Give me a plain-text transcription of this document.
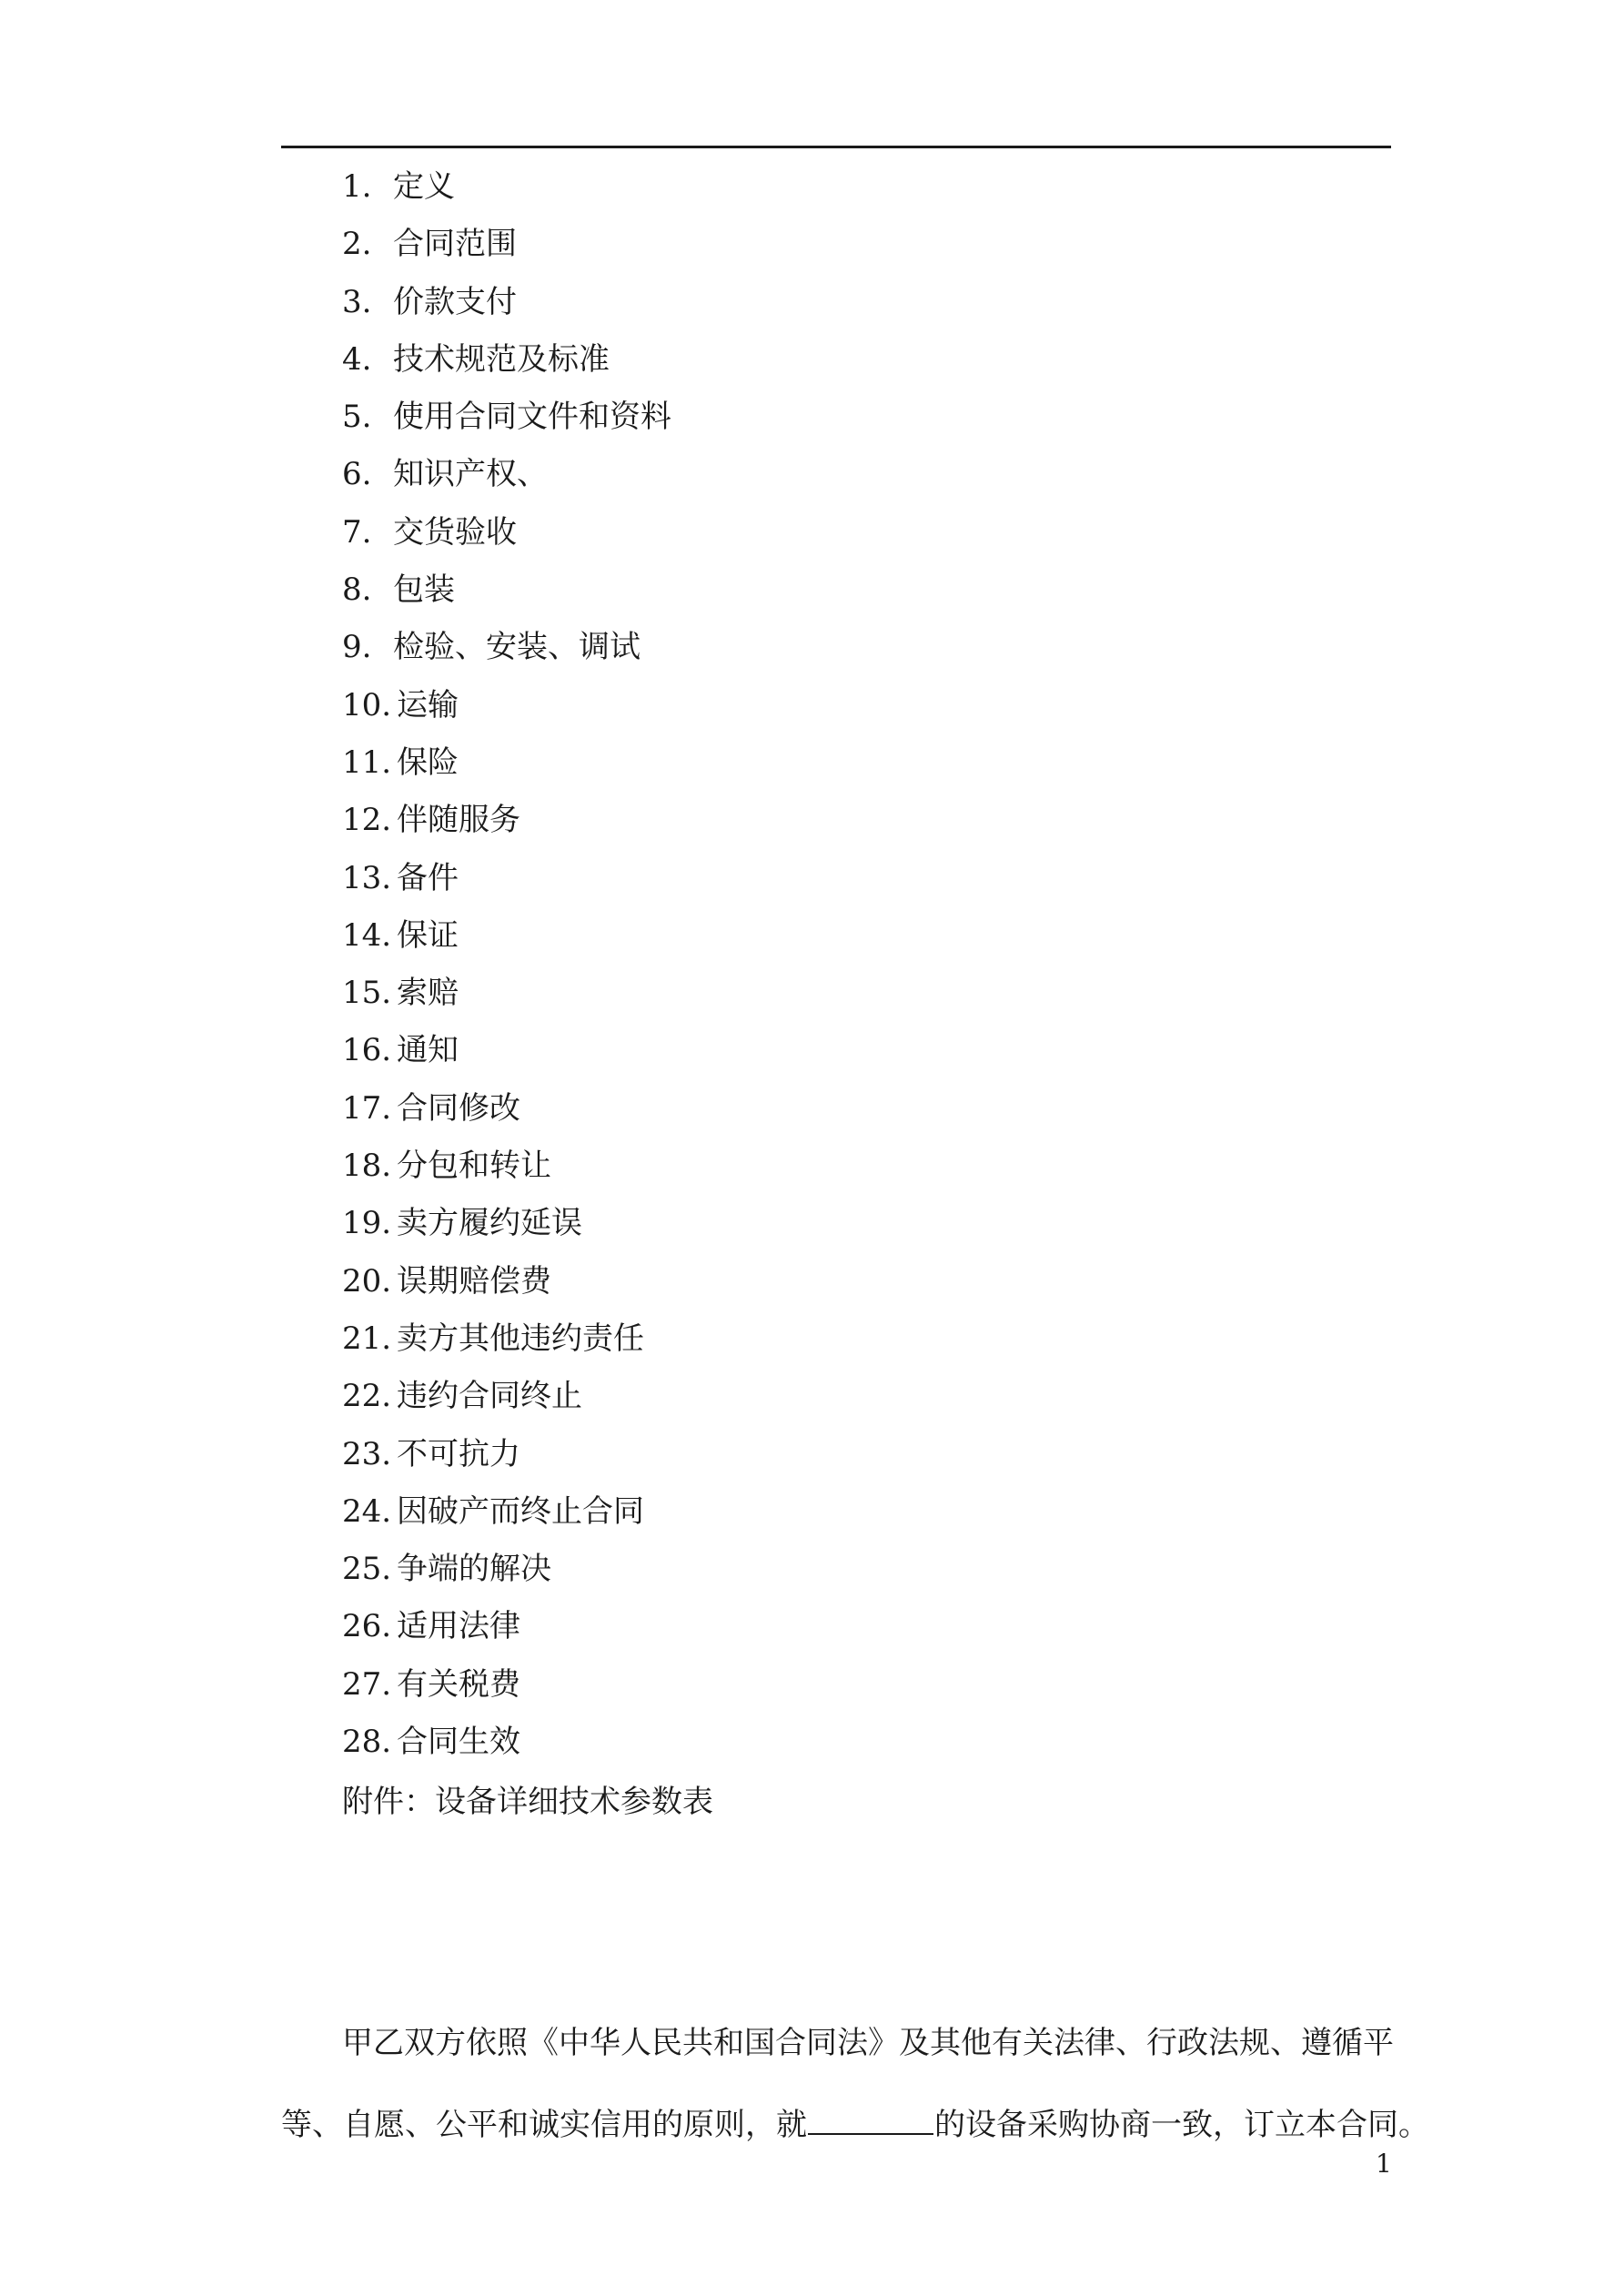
1. 定义
2. 合同范围
3. 价款支付
4. 技术规范及标准
5. 使用合同文件和资料
6. 知识产权、
7. 交货验收
8. 包装
9. 检验、安装、调试
10. 运输
11. 保险
12. 伴随服务
13. 备件
14. 保证
15. 索赔
16. 通知
17. 合同修改
18. 分包和转让
19. 卖方履约延误
20. 误期赔偿费
21. 卖方其他违约责任
22. 违约合同终止
23. 不可抗力
24. 因破产而终止合同
25. 争端的解决
26. 适用法律
27. 有关税费
28. 合同生效
附件：设备详细技术参数表
甲乙双方依照《中华人民共和国合同法》及其他有关法律、行政法规、遵循平
等、自愿、公平和诚实信用的原则，就	的设备采购协商一致，订立本合同。
1
